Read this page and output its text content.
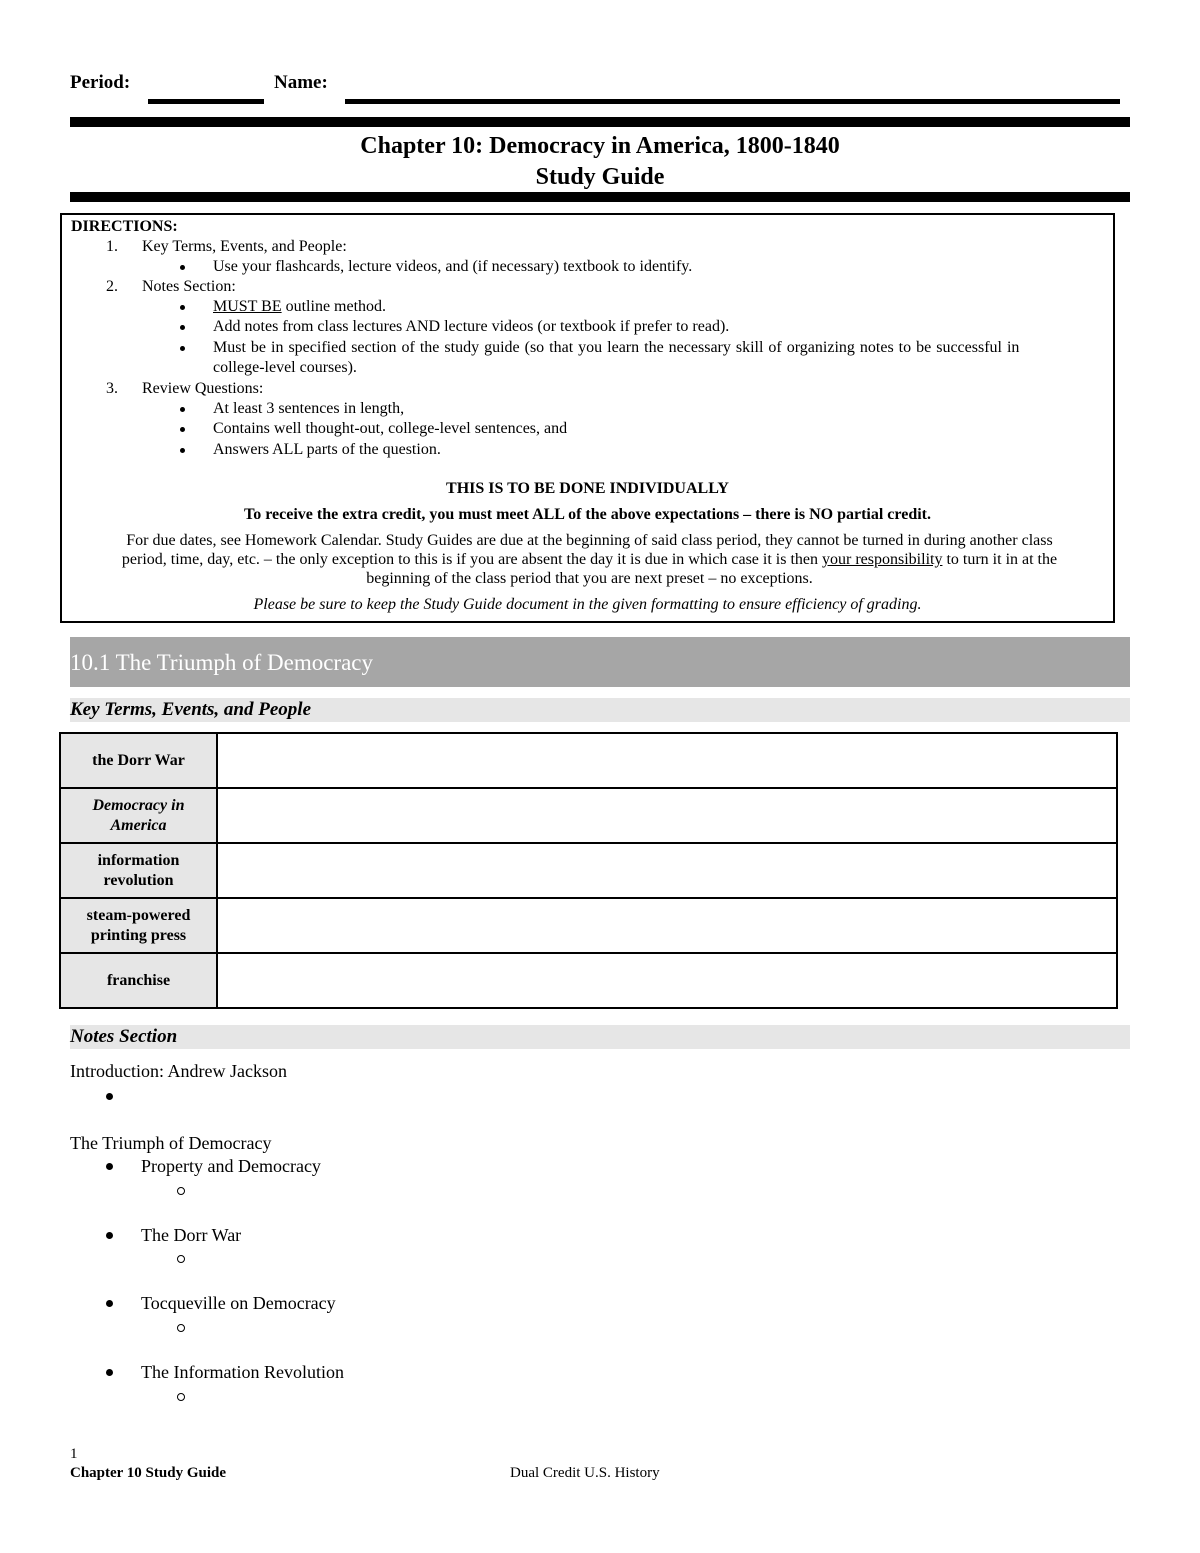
Period:	Name:
Chapter 10: Democracy in America, 1800-1840
Study Guide
DIRECTIONS:
1. Key Terms, Events, and People:
Use your flashcards, lecture videos, and (if necessary) textbook to identify.
2. Notes Section:
MUST BE outline method.
Add notes from class lectures AND lecture videos (or textbook if prefer to read).
Must be in specified section of the study guide (so that you learn the necessary skill of organizing notes to be successful in
college-level courses).
3. Review Questions:
At least 3 sentences in length,
Contains well thought-out, college-level sentences, and
Answers ALL parts of the question.
THIS IS TO BE DONE INDIVIDUALLY
To receive the extra credit, you must meet ALL of the above expectations – there is NO partial credit.
For due dates, see Homework Calendar. Study Guides are due at the beginning of said class period, they cannot be turned in during another class
period, time, day, etc. – the only exception to this is if you are absent the day it is due in which case it is then your responsibility to turn it in at the
beginning of the class period that you are next preset – no exceptions.
Please be sure to keep the Study Guide document in the given formatting to ensure efficiency of grading.
10.1 The Triumph of Democracy
Key Terms, Events, and People
the Dorr War	

Democracy in
America	

information
revolution	

steam-powered
printing press	

franchise	

Notes Section
Introduction: Andrew Jackson
The Triumph of Democracy
Property and Democracy
The Dorr War
Tocqueville on Democracy
The Information Revolution
1
Chapter 10 Study Guide	Dual Credit U.S. History
